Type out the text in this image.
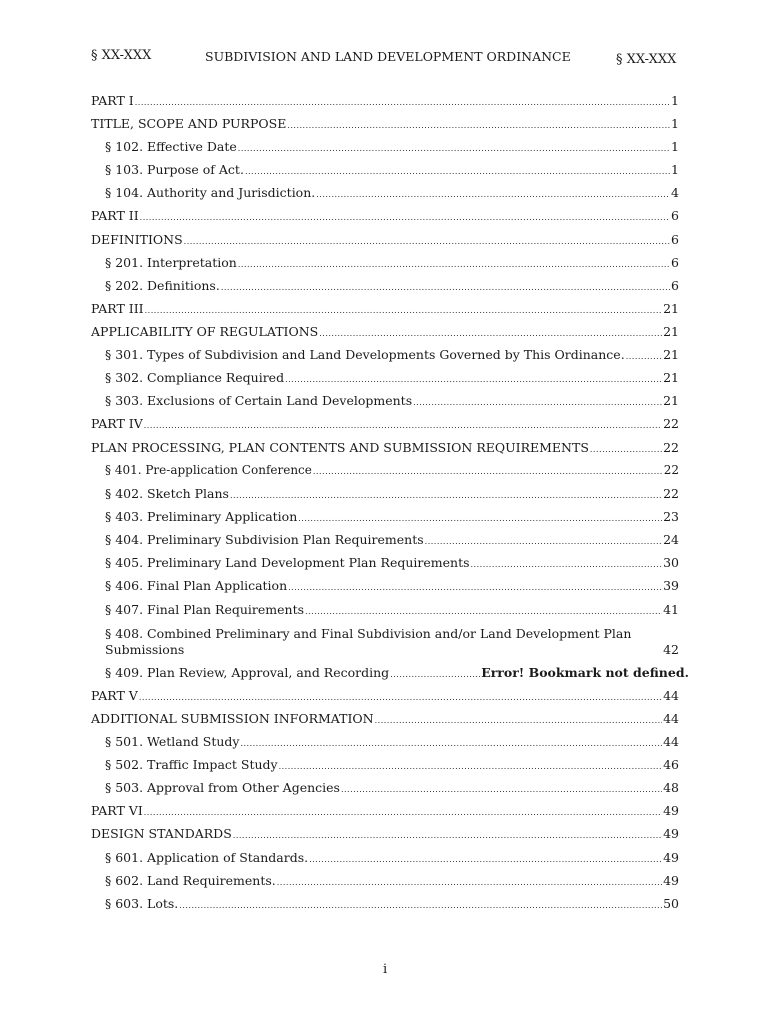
§ XX-XXX	SUBDIVISION AND LAND DEVELOPMENT ORDINANCE	§ XX-XXX
PART I .....	1
TITLE, SCOPE AND PURPOSE .....	1
§ 102. Effective Date .....	1
§ 103. Purpose of Act. .....	1
§ 104. Authority and Jurisdiction. .....	4
PART II .....	6
DEFINITIONS .....	6
§ 201. Interpretation .....	6
§ 202. Definitions. .....	6
PART III .....	21
APPLICABILITY OF REGULATIONS .....	21
§ 301. Types of Subdivision and Land Developments Governed by This Ordinance. .....	21
§ 302. Compliance Required .....	21
§ 303. Exclusions of Certain Land Developments .....	21
PART IV .....	22
PLAN PROCESSING, PLAN CONTENTS AND SUBMISSION REQUIREMENTS .....	22
§ 401. Pre-application Conference .....	22
§ 402. Sketch Plans .....	22
§ 403. Preliminary Application .....	23
§ 404. Preliminary Subdivision Plan Requirements .....	24
§ 405. Preliminary Land Development Plan Requirements .....	30
§ 406. Final Plan Application .....	39
§ 407. Final Plan Requirements .....	41
§ 408. Combined Preliminary and Final Subdivision and/or Land Development Plan
Submissions	42
§ 409. Plan Review, Approval, and Recording .....	Error! Bookmark not defined.
PART V .....	44
ADDITIONAL SUBMISSION INFORMATION .....	44
§ 501. Wetland Study .....	44
§ 502. Traffic Impact Study .....	46
§ 503. Approval from Other Agencies .....	48
PART VI .....	49
DESIGN STANDARDS .....	49
§ 601. Application of Standards. .....	49
§ 602. Land Requirements. .....	49
§ 603. Lots. .....	50
i
